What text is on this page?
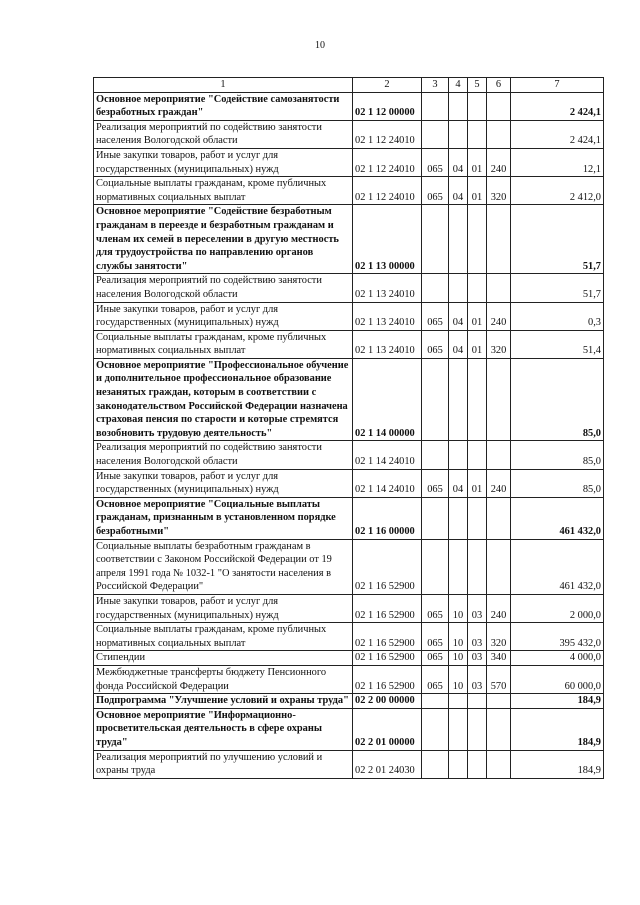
10
1	2	3	4	5	6	7
Основное мероприятие "Содействие самозанятости безработных граждан"	02 1 12 00000					2 424,1
Реализация мероприятий по содействию занятости населения Вологодской области	02 1 12 24010					2 424,1
Иные закупки товаров, работ и услуг для государственных (муниципальных) нужд	02 1 12 24010	065	04	01	240	12,1
Социальные выплаты гражданам, кроме публичных нормативных социальных выплат	02 1 12 24010	065	04	01	320	2 412,0
Основное мероприятие "Содействие безработным гражданам в переезде и безработным гражданам и членам их семей в переселении в другую местность для трудоустройства по направлению органов службы занятости"	02 1 13 00000					51,7
Реализация мероприятий по содействию занятости населения Вологодской области	02 1 13 24010					51,7
Иные закупки товаров, работ и услуг для государственных (муниципальных) нужд	02 1 13 24010	065	04	01	240	0,3
Социальные выплаты гражданам, кроме публичных нормативных социальных выплат	02 1 13 24010	065	04	01	320	51,4
Основное мероприятие "Профессиональное обучение и дополнительное профессиональное образование незанятых граждан, которым в соответствии с законодательством Российской Федерации назначена страховая пенсия по старости и которые стремятся возобновить трудовую деятельность"	02 1 14 00000					85,0
Реализация мероприятий по содействию занятости населения Вологодской области	02 1 14 24010					85,0
Иные закупки товаров, работ и услуг для государственных (муниципальных) нужд	02 1 14 24010	065	04	01	240	85,0
Основное мероприятие "Социальные выплаты гражданам, признанным в установленном порядке безработными"	02 1 16 00000					461 432,0
Социальные выплаты безработным гражданам в соответствии с Законом Российской Федерации от 19 апреля 1991 года № 1032-1 "О занятости населения в Российской Федерации"	02 1 16 52900					461 432,0
Иные закупки товаров, работ и услуг для государственных (муниципальных) нужд	02 1 16 52900	065	10	03	240	2 000,0
Социальные выплаты гражданам, кроме публичных нормативных социальных выплат	02 1 16 52900	065	10	03	320	395 432,0
Стипендии	02 1 16 52900	065	10	03	340	4 000,0
Межбюджетные трансферты бюджету Пенсионного фонда Российской Федерации	02 1 16 52900	065	10	03	570	60 000,0
Подпрограмма "Улучшение условий и охраны труда"	02 2 00 00000					184,9
Основное мероприятие "Информационно-просветительская деятельность в сфере охраны труда"	02 2 01 00000					184,9
Реализация мероприятий по улучшению условий и охраны труда	02 2 01 24030					184,9
